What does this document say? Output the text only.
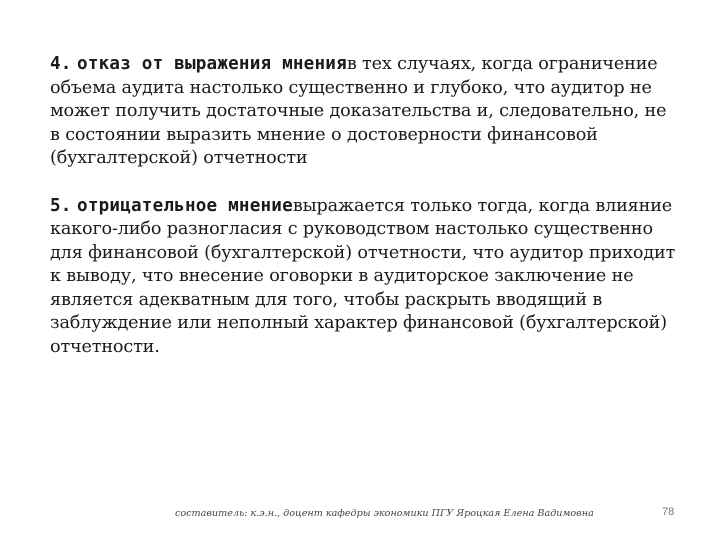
4. отказ от выражения мненияв тех случаях, когда ограничение объема аудита настолько существенно и глубоко, что аудитор не может получить достаточные доказательства и, следовательно, не в состоянии выразить мнение о достоверности финансовой (бухгалтерской) отчетности

5. отрицательное мнениевыражается только тогда, когда влияние какого-либо разногласия с руководством настолько существенно для финансовой (бухгалтерской) отчетности, что аудитор приходит к выводу, что внесение оговорки в аудиторское заключение не является адекватным для того, чтобы раскрыть вводящий в заблуждение или неполный характер финансовой (бухгалтерской) отчетности.

составитель: к.э.н., доцент кафедры экономики ПГУ Яроцкая Елена Вадимовна	78
